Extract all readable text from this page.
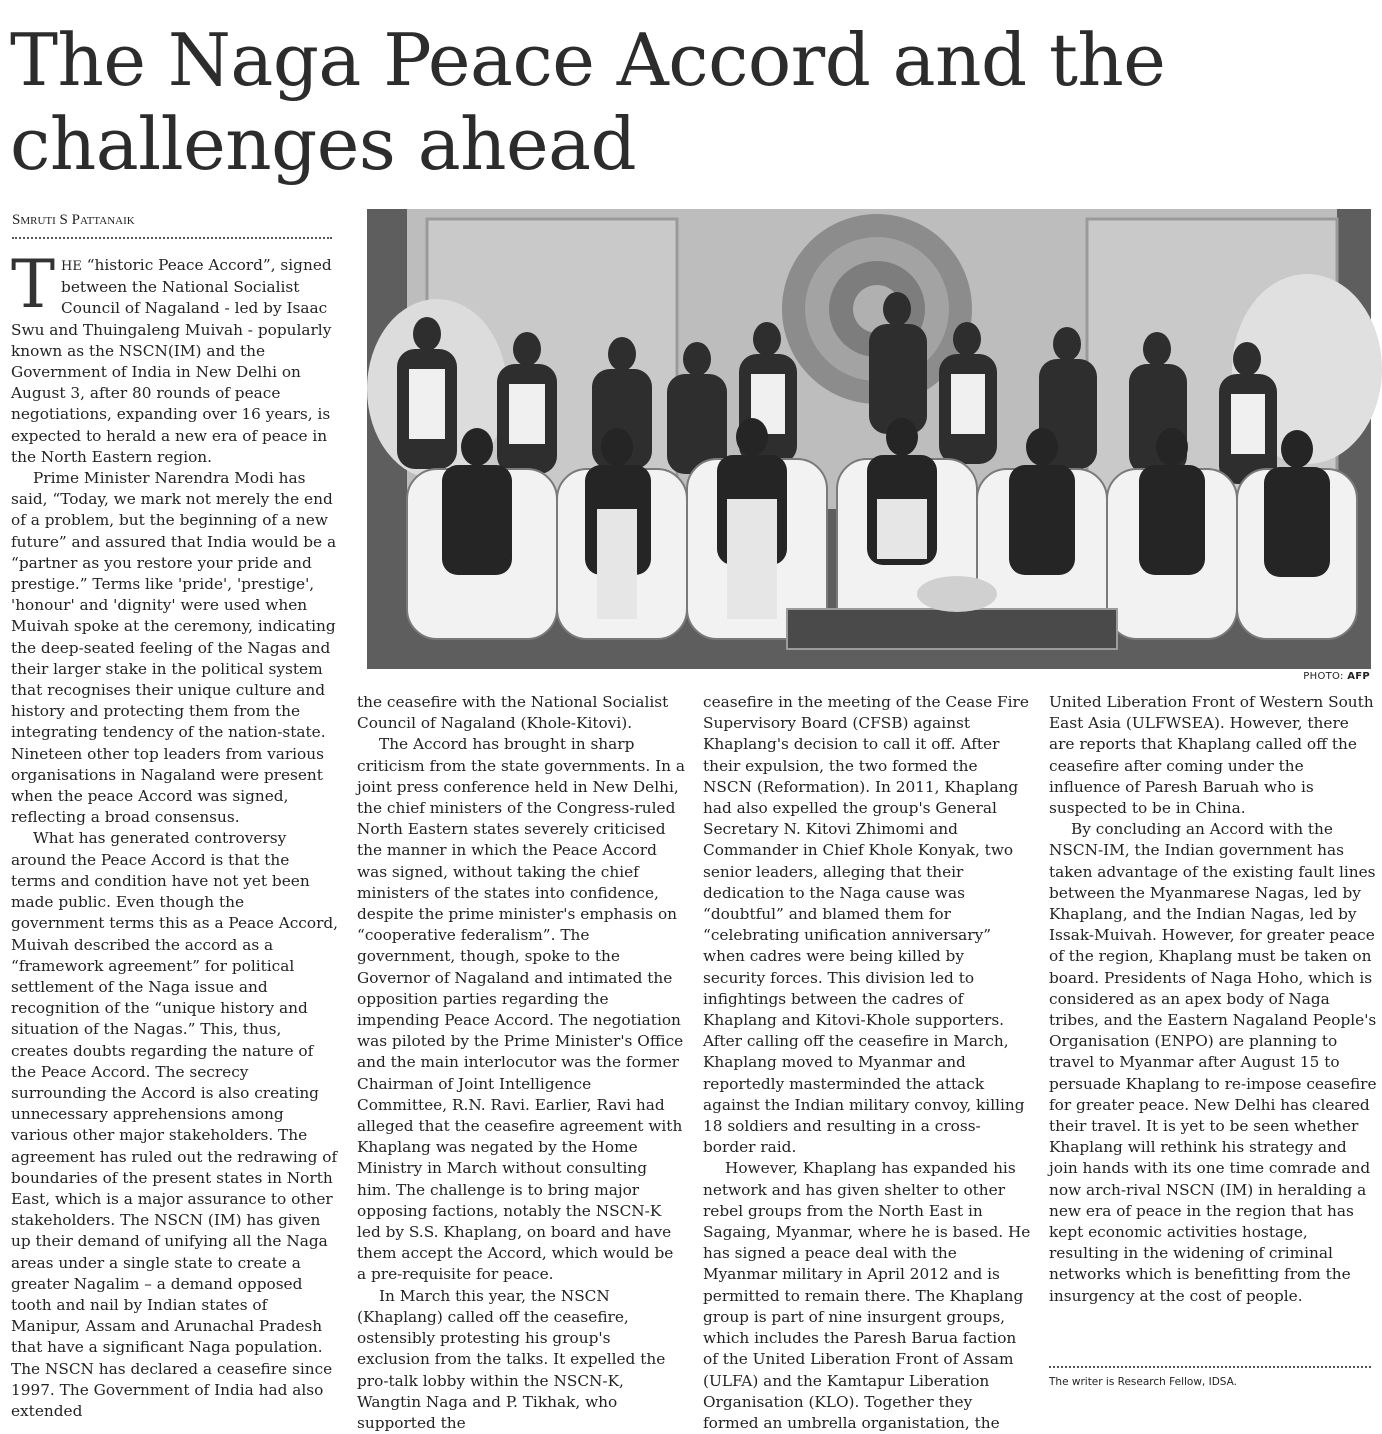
The Naga Peace Accord and the challenges ahead
Smruti S Pattanaik
PHOTO: AFP

THE “historic Peace Accord”, signed between the National Socialist Council of Nagaland - led by Isaac Swu and Thuingaleng Muivah - popularly known as the NSCN(IM) and the Government of India in New Delhi on August 3, after 80 rounds of peace negotiations, expanding over 16 years, is expected to herald a new era of peace in the North Eastern region.

Prime Minister Narendra Modi has said, “Today, we mark not merely the end of a problem, but the beginning of a new future” and assured that India would be a “partner as you restore your pride and prestige.” Terms like 'pride', 'prestige', 'honour' and 'dignity' were used when Muivah spoke at the ceremony, indicating the deep-seated feeling of the Nagas and their larger stake in the political system that recognises their unique culture and history and protecting them from the integrating tendency of the nation-state. Nineteen other top leaders from various organisations in Nagaland were present when the peace Accord was signed, reflecting a broad consensus.

What has generated controversy around the Peace Accord is that the terms and condition have not yet been made public. Even though the government terms this as a Peace Accord, Muivah described the accord as a “framework agreement” for political settlement of the Naga issue and recognition of the “unique history and situation of the Nagas.” This, thus, creates doubts regarding the nature of the Peace Accord. The secrecy surrounding the Accord is also creating unnecessary apprehensions among various other major stakeholders. The agreement has ruled out the redrawing of boundaries of the present states in North East, which is a major assurance to other stakeholders. The NSCN (IM) has given up their demand of unifying all the Naga areas under a single state to create a greater Nagalim – a demand opposed tooth and nail by Indian states of Manipur, Assam and Arunachal Pradesh that have a significant Naga population. The NSCN has declared a ceasefire since 1997. The Government of India had also extended

the ceasefire with the National Socialist Council of Nagaland (Khole-Kitovi).

The Accord has brought in sharp criticism from the state governments. In a joint press conference held in New Delhi, the chief ministers of the Congress-ruled North Eastern states severely criticised the manner in which the Peace Accord was signed, without taking the chief ministers of the states into confidence, despite the prime minister's emphasis on “cooperative federalism”. The government, though, spoke to the Governor of Nagaland and intimated the opposition parties regarding the impending Peace Accord. The negotiation was piloted by the Prime Minister's Office and the main interlocutor was the former Chairman of Joint Intelligence Committee, R.N. Ravi. Earlier, Ravi had alleged that the ceasefire agreement with Khaplang was negated by the Home Ministry in March without consulting him. The challenge is to bring major opposing factions, notably the NSCN-K led by S.S. Khaplang, on board and have them accept the Accord, which would be a pre-requisite for peace.

In March this year, the NSCN (Khaplang) called off the ceasefire, ostensibly protesting his group's exclusion from the talks. It expelled the pro-talk lobby within the NSCN-K, Wangtin Naga and P. Tikhak, who supported the

ceasefire in the meeting of the Cease Fire Supervisory Board (CFSB) against Khaplang's decision to call it off. After their expulsion, the two formed the NSCN (Reformation). In 2011, Khaplang had also expelled the group's General Secretary N. Kitovi Zhimomi and Commander in Chief Khole Konyak, two senior leaders, alleging that their dedication to the Naga cause was “doubtful” and blamed them for “celebrating unification anniversary” when cadres were being killed by security forces. This division led to infightings between the cadres of Khaplang and Kitovi-Khole supporters. After calling off the ceasefire in March, Khaplang moved to Myanmar and reportedly masterminded the attack against the Indian military convoy, killing 18 soldiers and resulting in a cross-border raid.

However, Khaplang has expanded his network and has given shelter to other rebel groups from the North East in Sagaing, Myanmar, where he is based. He has signed a peace deal with the Myanmar military in April 2012 and is permitted to remain there. The Khaplang group is part of nine insurgent groups, which includes the Paresh Barua faction of the United Liberation Front of Assam (ULFA) and the Kamtapur Liberation Organisation (KLO). Together they formed an umbrella organistation, the

United Liberation Front of Western South East Asia (ULFWSEA). However, there are reports that Khaplang called off the ceasefire after coming under the influence of Paresh Baruah who is suspected to be in China.

By concluding an Accord with the NSCN-IM, the Indian government has taken advantage of the existing fault lines between the Myanmarese Nagas, led by Khaplang, and the Indian Nagas, led by Issak-Muivah. However, for greater peace of the region, Khaplang must be taken on board. Presidents of Naga Hoho, which is considered as an apex body of Naga tribes, and the Eastern Nagaland People's Organisation (ENPO) are planning to travel to Myanmar after August 15 to persuade Khaplang to re-impose ceasefire for greater peace. New Delhi has cleared their travel. It is yet to be seen whether Khaplang will rethink his strategy and join hands with its one time comrade and now arch-rival NSCN (IM) in heralding a new era of peace in the region that has kept economic activities hostage, resulting in the widening of criminal networks which is benefitting from the insurgency at the cost of people.

The writer is Research Fellow, IDSA.
